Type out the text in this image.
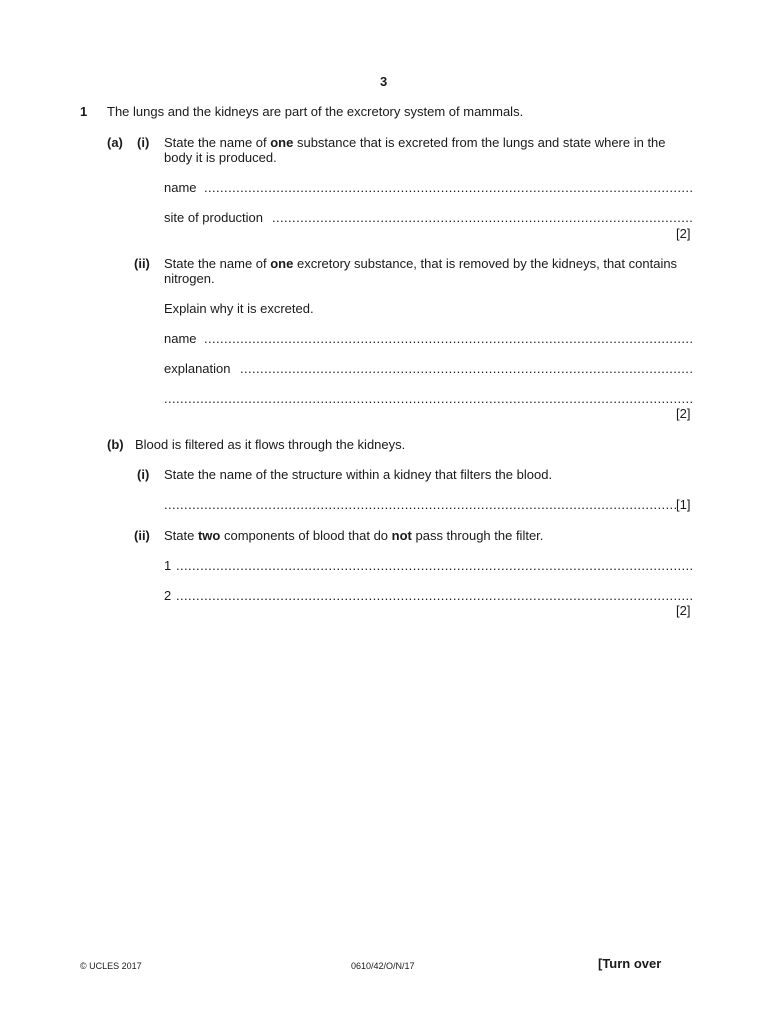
3
1 The lungs and the kidneys are part of the excretory system of mammals.
(a) (i) State the name of one substance that is excreted from the lungs and state where in the
body it is produced.
name
.....
site of production
.....
[2]
(ii) State the name of one excretory substance, that is removed by the kidneys, that contains
nitrogen.
Explain why it is excreted.
name
.....
explanation
.....
.....
[2]
(b) Blood is filtered as it flows through the kidneys.
(i) State the name of the structure within a kidney that filters the blood.
.....
[1]
(ii) State two components of blood that do not pass through the filter.
1
.....
2
.....
[2]
© UCLES 2017	0610/42/O/N/17	[Turn over
